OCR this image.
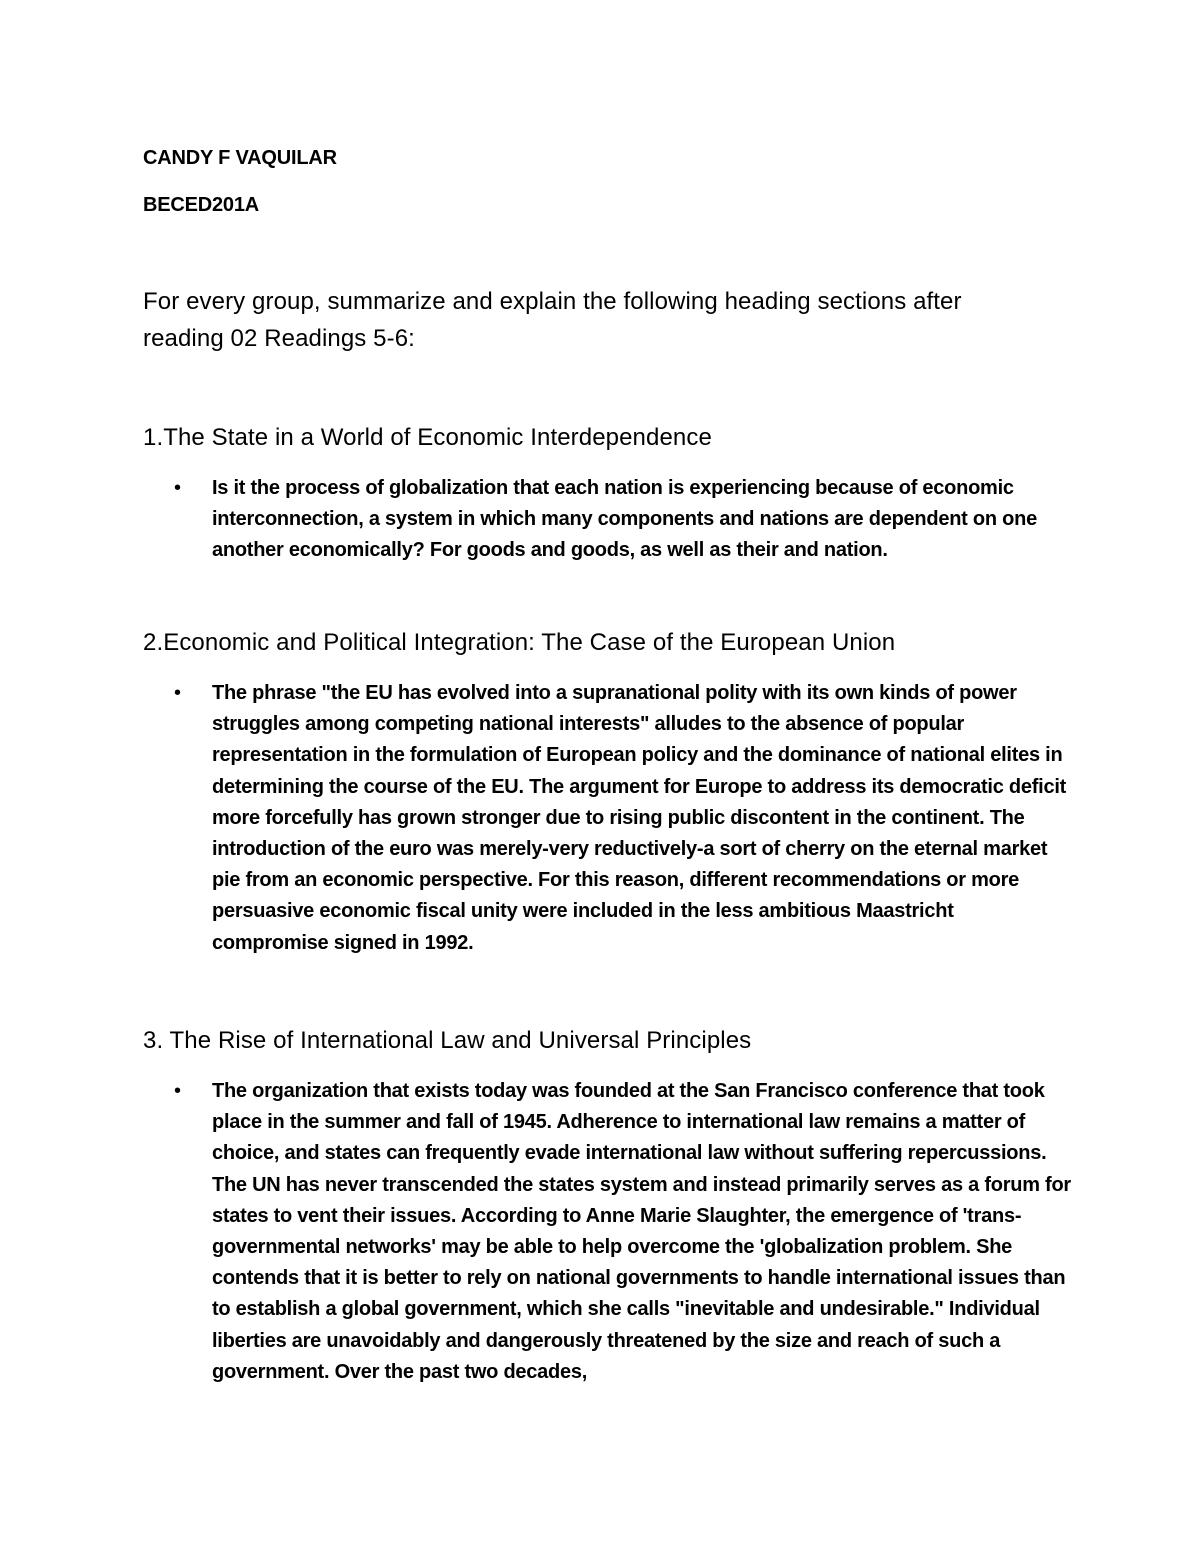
CANDY F VAQUILAR

BECED201A

For every group, summarize and explain the following heading sections after reading 02 Readings 5-6:

1.The State in a World of Economic Interdependence

• Is it the process of globalization that each nation is experiencing because of economic interconnection, a system in which many components and nations are dependent on one another economically? For goods and goods, as well as their and nation.

2.Economic and Political Integration: The Case of the European Union

• The phrase "the EU has evolved into a supranational polity with its own kinds of power struggles among competing national interests" alludes to the absence of popular representation in the formulation of European policy and the dominance of national elites in determining the course of the EU. The argument for Europe to address its democratic deficit more forcefully has grown stronger due to rising public discontent in the continent. The introduction of the euro was merely-very reductively-a sort of cherry on the eternal market pie from an economic perspective. For this reason, different recommendations or more persuasive economic fiscal unity were included in the less ambitious Maastricht compromise signed in 1992.

3. The Rise of International Law and Universal Principles

• The organization that exists today was founded at the San Francisco conference that took place in the summer and fall of 1945. Adherence to international law remains a matter of choice, and states can frequently evade international law without suffering repercussions. The UN has never transcended the states system and instead primarily serves as a forum for states to vent their issues. According to Anne Marie Slaughter, the emergence of 'trans-governmental networks' may be able to help overcome the 'globalization problem. She contends that it is better to rely on national governments to handle international issues than to establish a global government, which she calls "inevitable and undesirable." Individual liberties are unavoidably and dangerously threatened by the size and reach of such a government. Over the past two decades,
